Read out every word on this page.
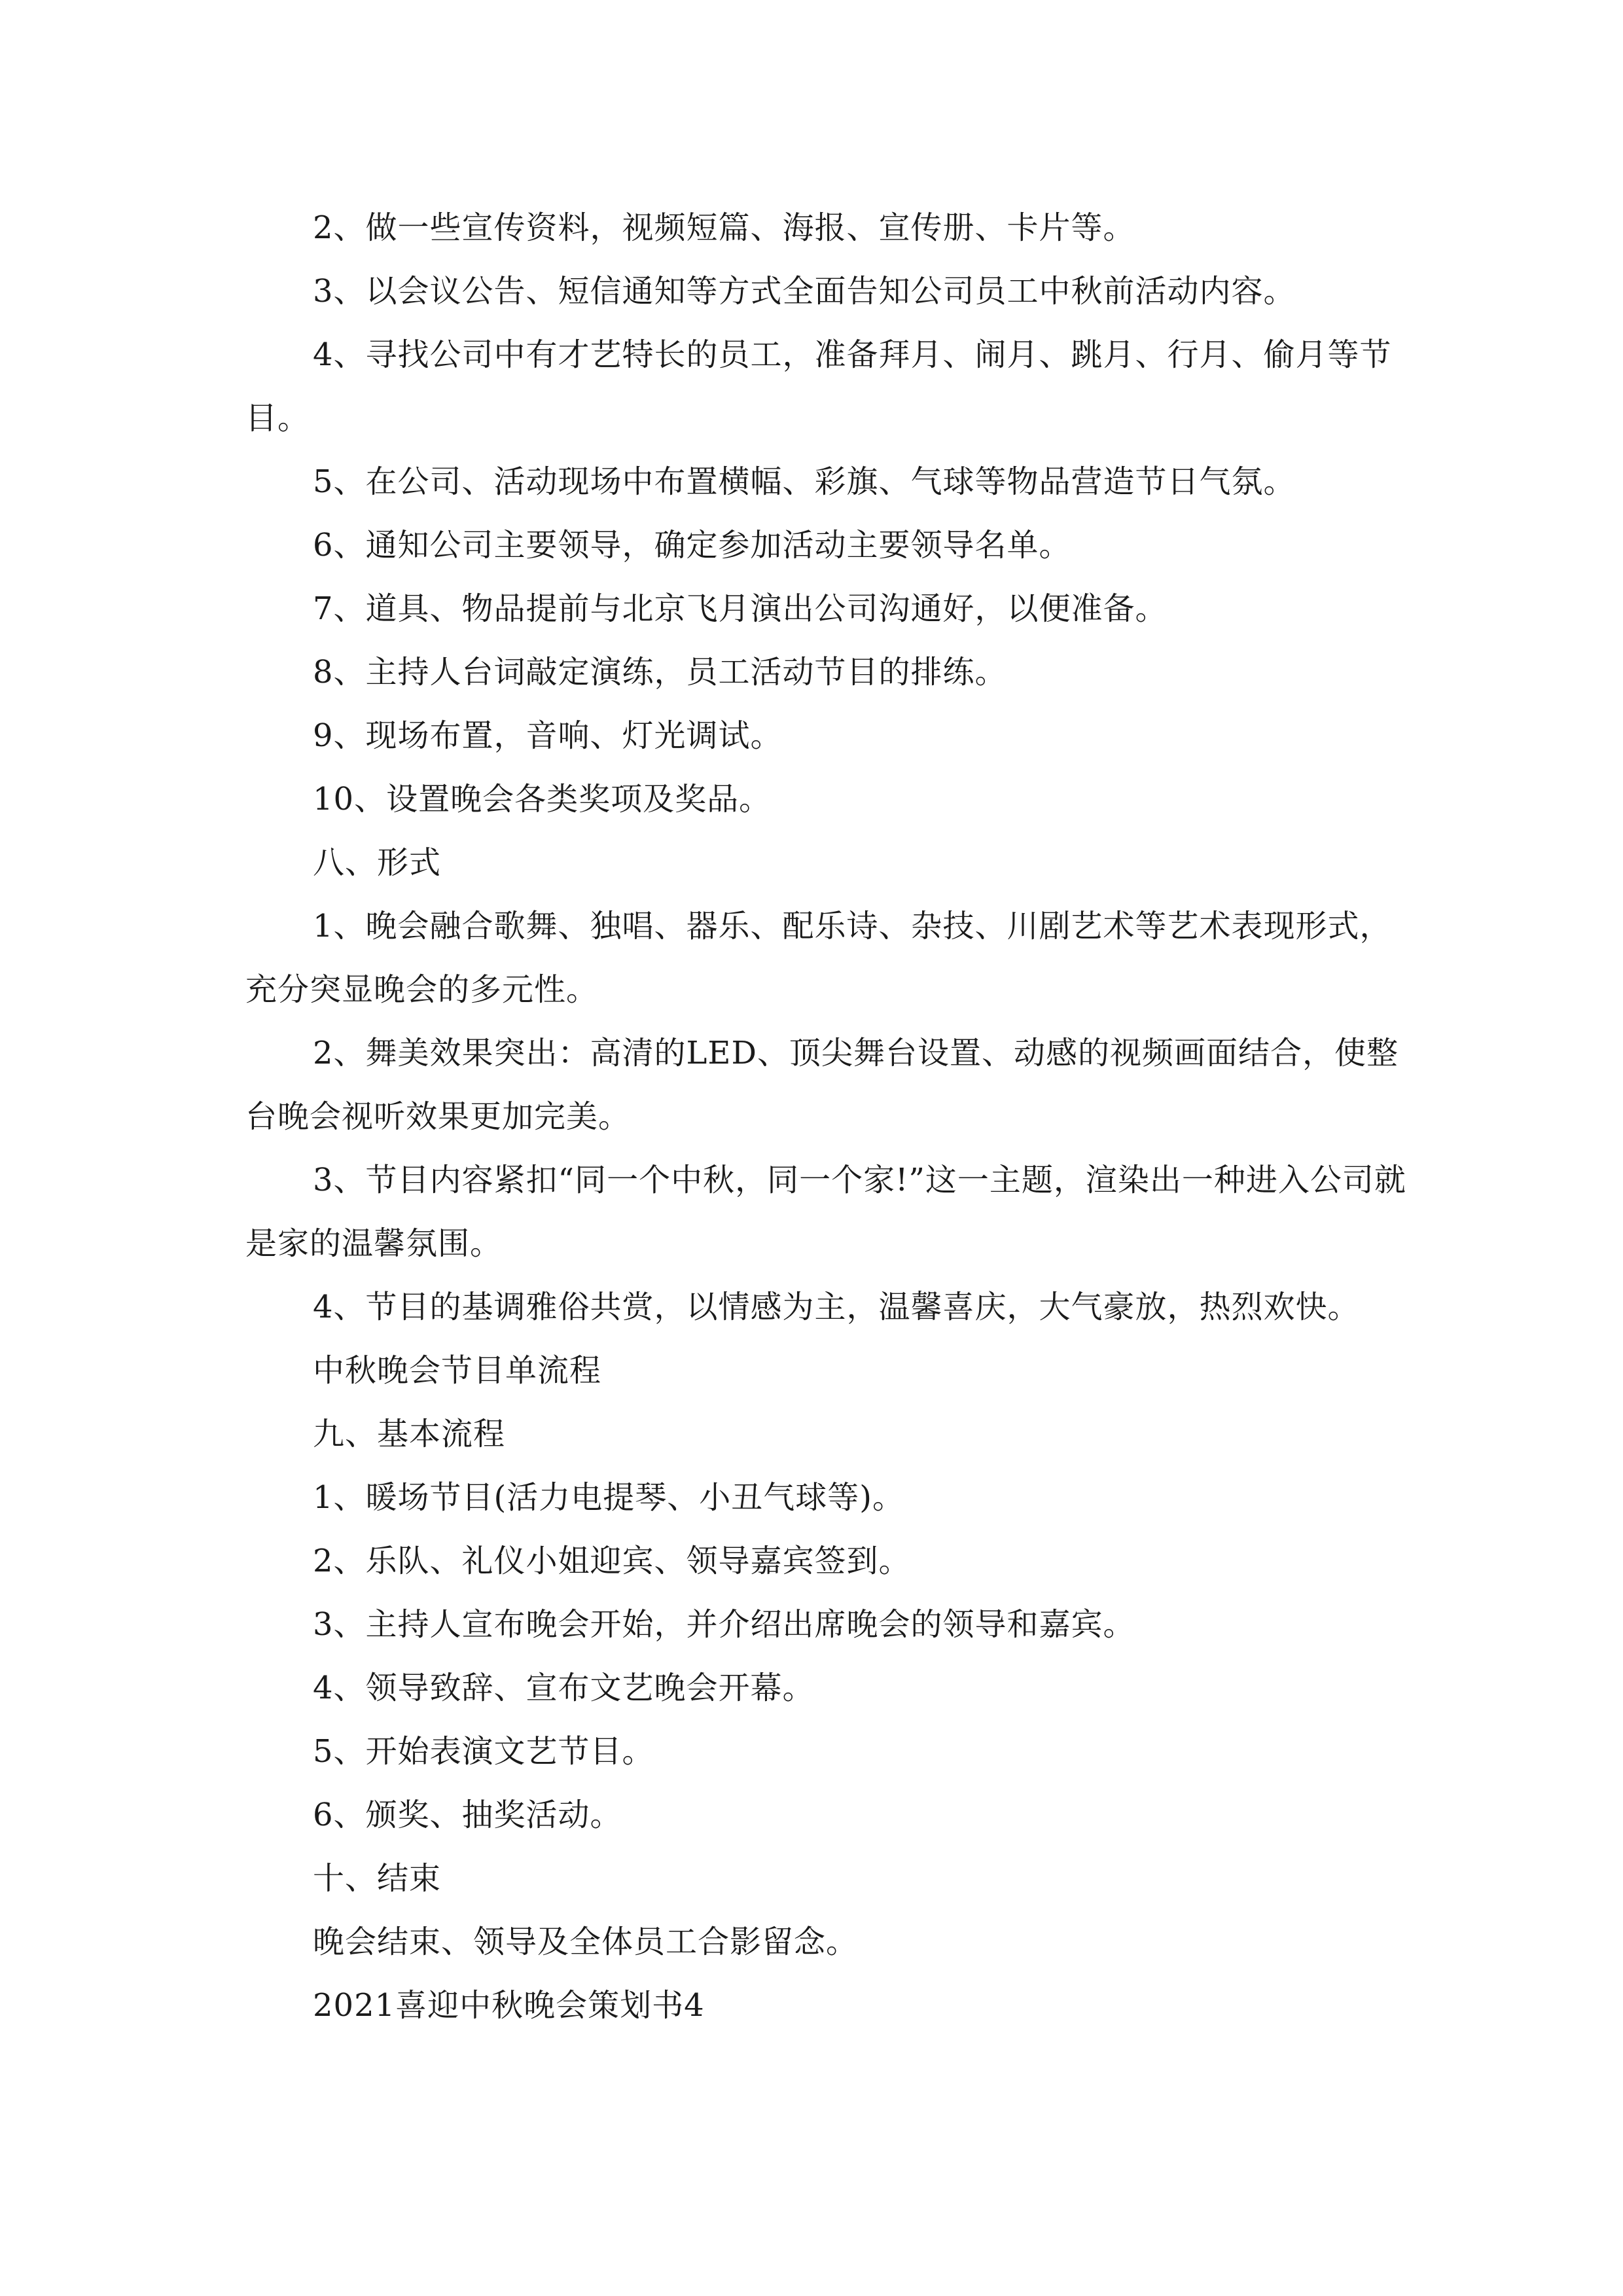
2、做一些宣传资料，视频短篇、海报、宣传册、卡片等。

3、以会议公告、短信通知等方式全面告知公司员工中秋前活动内容。

4、寻找公司中有才艺特长的员工，准备拜月、闹月、跳月、行月、偷月等节目。

5、在公司、活动现场中布置横幅、彩旗、气球等物品营造节日气氛。

6、通知公司主要领导，确定参加活动主要领导名单。

7、道具、物品提前与北京飞月演出公司沟通好，以便准备。

8、主持人台词敲定演练，员工活动节目的排练。

9、现场布置，音响、灯光调试。

10、设置晚会各类奖项及奖品。

八、形式

1、晚会融合歌舞、独唱、器乐、配乐诗、杂技、川剧艺术等艺术表现形式，充分突显晚会的多元性。

2、舞美效果突出：高清的LED、顶尖舞台设置、动感的视频画面结合，使整台晚会视听效果更加完美。

3、节目内容紧扣“同一个中秋，同一个家!”这一主题，渲染出一种进入公司就是家的温馨氛围。

4、节目的基调雅俗共赏，以情感为主，温馨喜庆，大气豪放，热烈欢快。

中秋晚会节目单流程

九、基本流程

1、暖场节目(活力电提琴、小丑气球等)。

2、乐队、礼仪小姐迎宾、领导嘉宾签到。

3、主持人宣布晚会开始，并介绍出席晚会的领导和嘉宾。

4、领导致辞、宣布文艺晚会开幕。

5、开始表演文艺节目。

6、颁奖、抽奖活动。

十、结束

晚会结束、领导及全体员工合影留念。

2021喜迎中秋晚会策划书4
